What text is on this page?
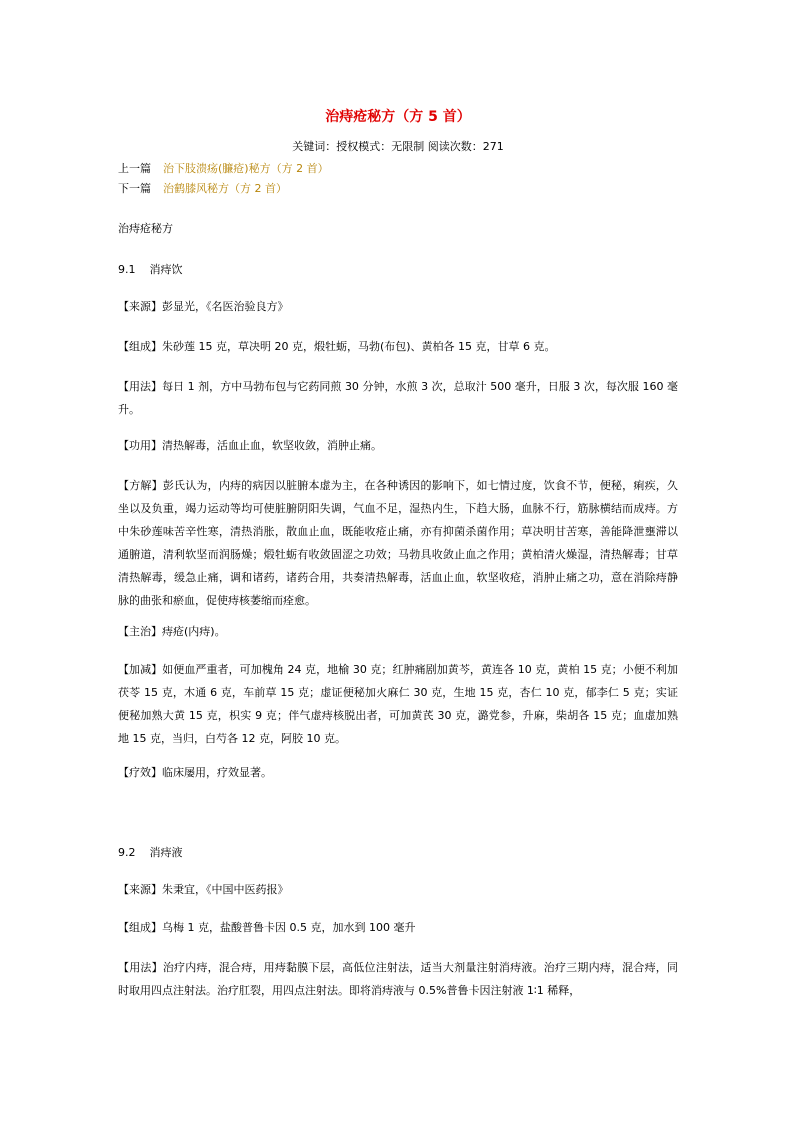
治痔疮秘方（方 5 首）
关键词：授权模式：无限制 阅读次数：271
上一篇 治下肢溃疡(臁疮)秘方（方 2 首）
下一篇 治鹤膝风秘方（方 2 首）
治痔疮秘方
9.1 消痔饮
【来源】彭显光，《名医治验良方》
【组成】朱砂莲 15 克，草决明 20 克，煅牡蛎，马勃(布包)、黄柏各 15 克，甘草 6 克。
【用法】每日 1 剂，方中马勃布包与它药同煎 30 分钟，水煎 3 次，总取汁 500 毫升，日服 3 次，每次服 160 毫升。
【功用】清热解毒，活血止血，软坚收敛，消肿止痛。
【方解】彭氏认为，内痔的病因以脏腑本虚为主，在各种诱因的影响下，如七情过度，饮食不节，便秘，痢疾，久坐以及负重，竭力运动等均可使脏腑阴阳失调，气血不足，湿热内生，下趋大肠，血脉不行，筋脉横结而成痔。方中朱砂莲味苦辛性寒，清热消胀，散血止血，既能收疮止痛，亦有抑菌杀菌作用；草决明甘苦寒，善能降泄壅滞以通腑道，清利软坚而润肠燥；煅牡蛎有收敛固涩之功效；马勃具收敛止血之作用；黄柏清火燥湿，清热解毒；甘草清热解毒，缓急止痛，调和诸药，诸药合用，共奏清热解毒，活血止血，软坚收疮，消肿止痛之功，意在消除痔静脉的曲张和瘀血，促使痔核萎缩而痊愈。
【主治】痔疮(内痔)。
【加减】如便血严重者，可加槐角 24 克，地榆 30 克；红肿痛剧加黄芩，黄连各 10 克，黄柏 15 克；小便不利加茯苓 15 克，木通 6 克，车前草 15 克；虚证便秘加火麻仁 30 克，生地 15 克，杏仁 10 克，郁李仁 5 克；实证便秘加熟大黄 15 克，枳实 9 克；伴气虚痔核脱出者，可加黄芪 30 克，潞党参，升麻，柴胡各 15 克；血虚加熟地 15 克，当归，白芍各 12 克，阿胶 10 克。
【疗效】临床屡用，疗效显著。
9.2 消痔液
【来源】朱秉宜，《中国中医药报》
【组成】乌梅 1 克，盐酸普鲁卡因 0.5 克，加水到 100 毫升
【用法】治疗内痔，混合痔，用痔黏膜下层，高低位注射法，适当大剂量注射消痔液。治疗三期内痔，混合痔，同时取用四点注射法。治疗肛裂，用四点注射法。即将消痔液与 0.5%普鲁卡因注射液 1∶1 稀释，
